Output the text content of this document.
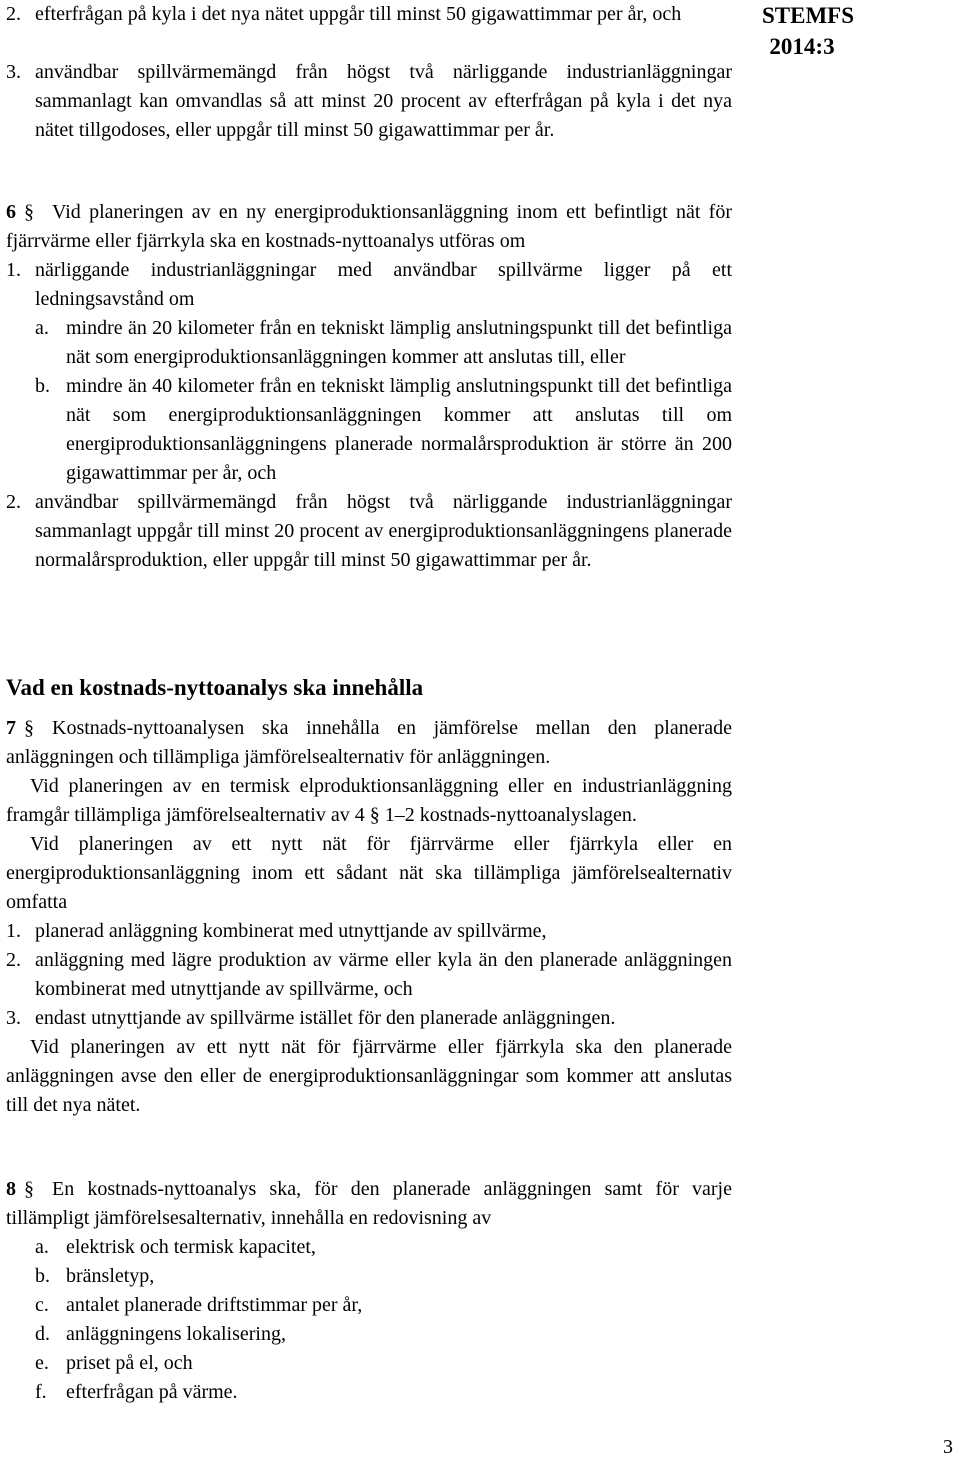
STEMFS
2014:3
2. efterfrågan på kyla i det nya nätet uppgår till minst 50 gigawattimmar per år, och
3. användbar spillvärmemängd från högst två närliggande industrianläggningar sammanlagt kan omvandlas så att minst 20 procent av efterfrågan på kyla i det nya nätet tillgodoses, eller uppgår till minst 50 gigawattimmar per år.

6 § Vid planeringen av en ny energiproduktionsanläggning inom ett befintligt nät för fjärrvärme eller fjärrkyla ska en kostnads-nyttoanalys utföras om

1. närliggande industrianläggningar med användbar spillvärme ligger på ett ledningsavstånd om
a. mindre än 20 kilometer från en tekniskt lämplig anslutningspunkt till det befintliga nät som energiproduktionsanläggningen kommer att anslutas till, eller
b. mindre än 40 kilometer från en tekniskt lämplig anslutningspunkt till det befintliga nät som energiproduktionsanläggningen kommer att anslutas till om energiproduktionsanläggningens planerade normalårsproduktion är större än 200 gigawattimmar per år, och
2. användbar spillvärmemängd från högst två närliggande industrianläggningar sammanlagt uppgår till minst 20 procent av energiproduktionsanläggningens planerade normalårsproduktion, eller uppgår till minst 50 gigawattimmar per år.
Vad en kostnads-nyttoanalys ska innehålla

7 § Kostnads-nyttoanalysen ska innehålla en jämförelse mellan den planerade anläggningen och tillämpliga jämförelsealternativ för anläggningen.

Vid planeringen av en termisk elproduktionsanläggning eller en industrianläggning framgår tillämpliga jämförelsealternativ av 4 § 1–2 kostnads-nyttoanalyslagen.

Vid planeringen av ett nytt nät för fjärrvärme eller fjärrkyla eller en energiproduktionsanläggning inom ett sådant nät ska tillämpliga jämförelsealternativ omfatta

1. planerad anläggning kombinerat med utnyttjande av spillvärme,
2. anläggning med lägre produktion av värme eller kyla än den planerade anläggningen kombinerat med utnyttjande av spillvärme, och
3. endast utnyttjande av spillvärme istället för den planerade anläggningen.

Vid planeringen av ett nytt nät för fjärrvärme eller fjärrkyla ska den planerade anläggningen avse den eller de energiproduktionsanläggningar som kommer att anslutas till det nya nätet.

8 § En kostnads-nyttoanalys ska, för den planerade anläggningen samt för varje tillämpligt jämförelsesalternativ, innehålla en redovisning av

a. elektrisk och termisk kapacitet,
b. bränsletyp,
c. antalet planerade driftstimmar per år,
d. anläggningens lokalisering,
e. priset på el, och
f. efterfrågan på värme.
3
